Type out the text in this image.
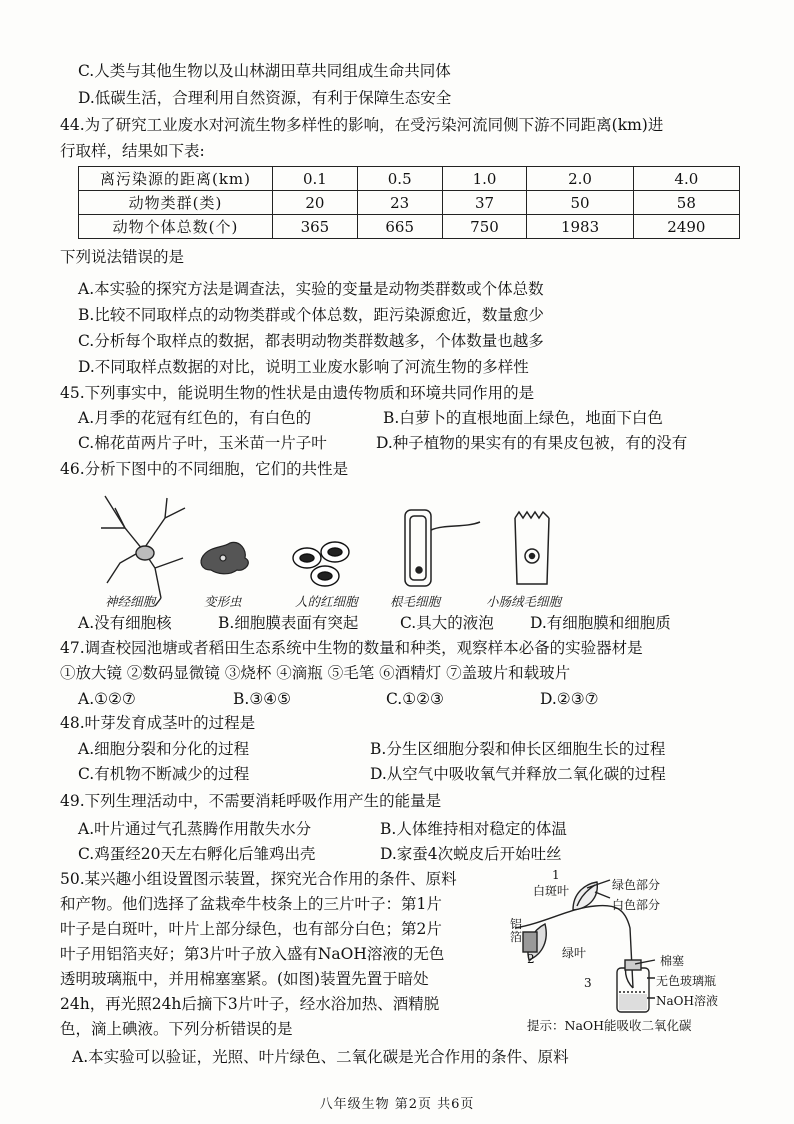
C.人类与其他生物以及山林湖田草共同组成生命共同体
D.低碳生活，合理利用自然资源，有利于保障生态安全
44.为了研究工业废水对河流生物多样性的影响，在受污染河流同侧下游不同距离(km)进
行取样，结果如下表:
离污染源的距离(km)	0.1	0.5	1.0	2.0	4.0
动物类群(类)	20	23	37	50	58
动物个体总数(个)	365	665	750	1983	2490
下列说法错误的是
A.本实验的探究方法是调查法，实验的变量是动物类群数或个体总数
B.比较不同取样点的动物类群或个体总数，距污染源愈近，数量愈少
C.分析每个取样点的数据，都表明动物类群数越多，个体数量也越多
D.不同取样点数据的对比，说明工业废水影响了河流生物的多样性
45.下列事实中，能说明生物的性状是由遗传物质和环境共同作用的是
A.月季的花冠有红色的，有白色的	B.白萝卜的直根地面上绿色，地面下白色
C.棉花苗两片子叶，玉米苗一片子叶	D.种子植物的果实有的有果皮包被，有的没有
46.分析下图中的不同细胞，它们的共性是
神经细胞	变形虫	人的红细胞	根毛细胞	小肠绒毛细胞
A.没有细胞核	B.细胞膜表面有突起	C.具大的液泡 D.有细胞膜和细胞质
47.调查校园池塘或者稻田生态系统中生物的数量和种类，观察样本必备的实验器材是
①放大镜 ②数码显微镜 ③烧杯 ④滴瓶 ⑤毛笔 ⑥酒精灯 ⑦盖玻片和载玻片
A.①②⑦	B.③④⑤	C.①②③	D.②③⑦
48.叶芽发育成茎叶的过程是
A.细胞分裂和分化的过程	B.分生区细胞分裂和伸长区细胞生长的过程
C.有机物不断减少的过程	D.从空气中吸收氧气并释放二氧化碳的过程
49.下列生理活动中，不需要消耗呼吸作用产生的能量是
A.叶片通过气孔蒸腾作用散失水分	B.人体维持相对稳定的体温
C.鸡蛋经20天左右孵化后雏鸡出壳	D.家蚕4次蜕皮后开始吐丝
50.某兴趣小组设置图示装置，探究光合作用的条件、原料
和产物。他们选择了盆栽牵牛枝条上的三片叶子：第1片
叶子是白斑叶，叶片上部分绿色，也有部分白色；第2片
叶子用铝箔夹好；第3片叶子放入盛有NaOH溶液的无色
透明玻璃瓶中，并用棉塞塞紧。(如图)装置先置于暗处
24h，再光照24h后摘下3片叶子，经水浴加热、酒精脱
色，滴上碘液。下列分析错误的是
A.本实验可以验证，光照、叶片绿色、二氧化碳是光合作用的条件、原料
1
白斑叶	绿色部分
白色部分
铝箔
2 绿叶
棉塞
3	无色玻璃瓶
NaOH溶液
提示：NaOH能吸收二氧化碳
八年级生物 第2页 共6页
